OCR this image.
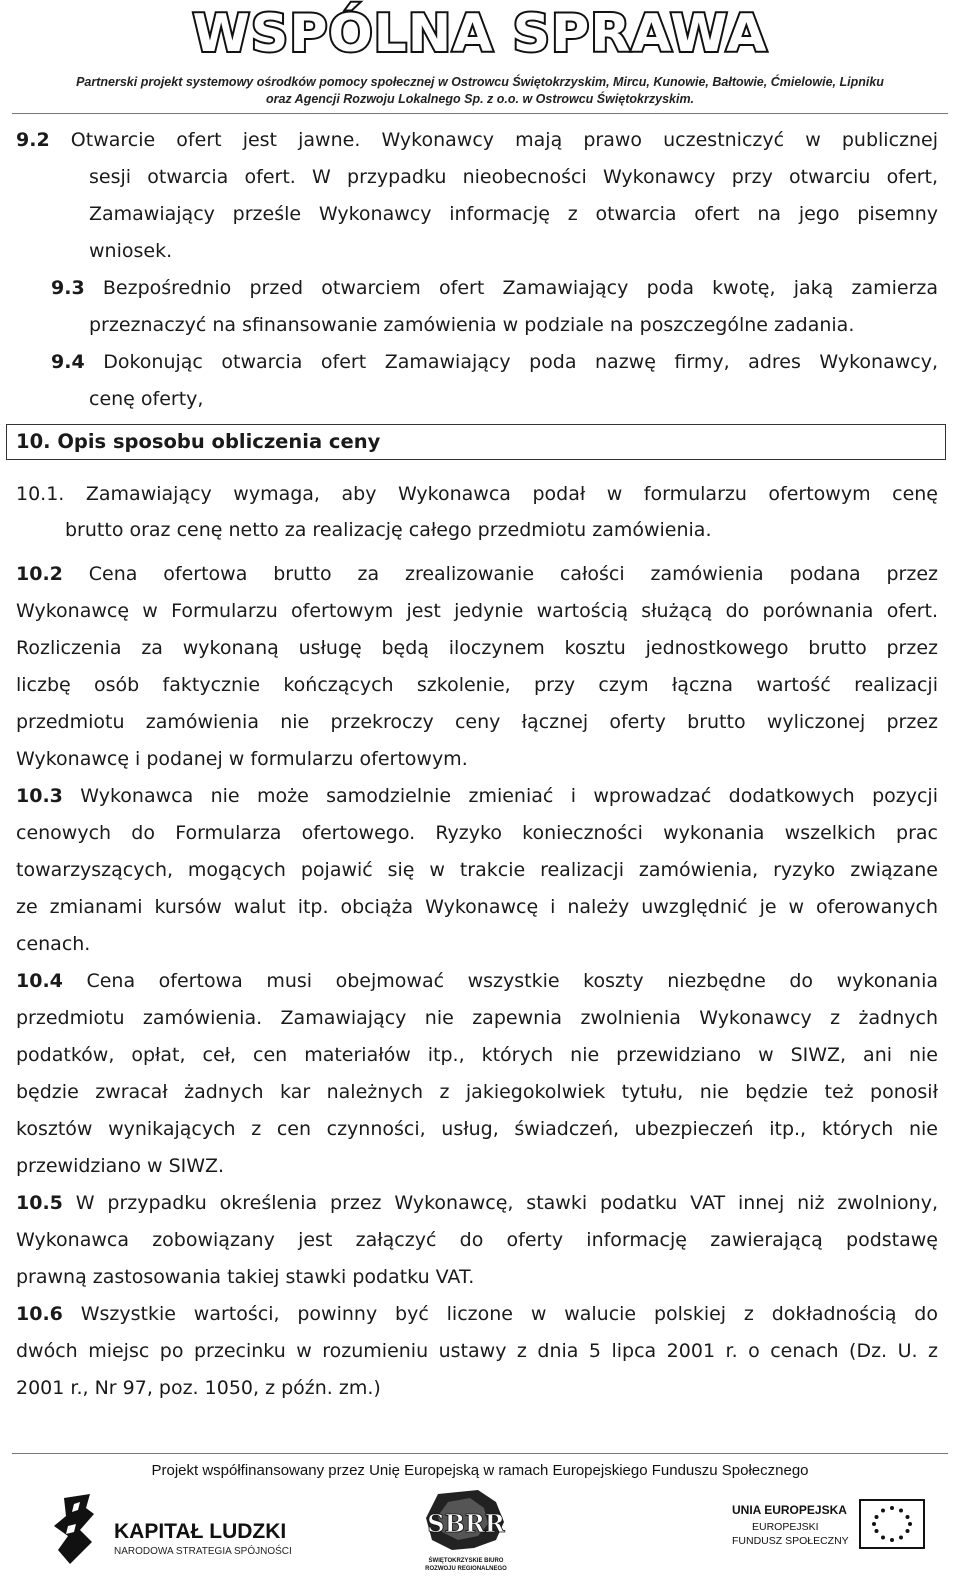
WSPÓLNA SPRAWA
Partnerski projekt systemowy ośrodków pomocy społecznej w Ostrowcu Świętokrzyskim, Mircu, Kunowie, Bałtowie, Ćmielowie, Lipniku
oraz Agencji Rozwoju Lokalnego Sp. z o.o. w Ostrowcu Świętokrzyskim.
9.2 Otwarcie ofert jest jawne. Wykonawcy mają prawo uczestniczyć w publicznej
sesji otwarcia ofert. W przypadku nieobecności Wykonawcy przy otwarciu ofert,
Zamawiający prześle Wykonawcy informację z otwarcia ofert na jego pisemny
wniosek.
9.3 Bezpośrednio przed otwarciem ofert Zamawiający poda kwotę, jaką zamierza
przeznaczyć na sfinansowanie zamówienia w podziale na poszczególne zadania.
9.4 Dokonując otwarcia ofert Zamawiający poda nazwę firmy, adres Wykonawcy,
cenę oferty,
10. Opis sposobu obliczenia ceny
10.1. Zamawiający wymaga, aby Wykonawca podał w formularzu ofertowym cenę
brutto oraz cenę netto za realizację całego przedmiotu zamówienia.
10.2 Cena ofertowa brutto za zrealizowanie całości zamówienia podana przez
Wykonawcę w Formularzu ofertowym jest jedynie wartością służącą do porównania ofert.
Rozliczenia za wykonaną usługę będą iloczynem kosztu jednostkowego brutto przez
liczbę osób faktycznie kończących szkolenie, przy czym łączna wartość realizacji
przedmiotu zamówienia nie przekroczy ceny łącznej oferty brutto wyliczonej przez
Wykonawcę i podanej w formularzu ofertowym.
10.3 Wykonawca nie może samodzielnie zmieniać i wprowadzać dodatkowych pozycji
cenowych do Formularza ofertowego. Ryzyko konieczności wykonania wszelkich prac
towarzyszących, mogących pojawić się w trakcie realizacji zamówienia, ryzyko związane
ze zmianami kursów walut itp. obciąża Wykonawcę i należy uwzględnić je w oferowanych
cenach.
10.4 Cena ofertowa musi obejmować wszystkie koszty niezbędne do wykonania
przedmiotu zamówienia. Zamawiający nie zapewnia zwolnienia Wykonawcy z żadnych
podatków, opłat, ceł, cen materiałów itp., których nie przewidziano w SIWZ, ani nie
będzie zwracał żadnych kar należnych z jakiegokolwiek tytułu, nie będzie też ponosił
kosztów wynikających z cen czynności, usług, świadczeń, ubezpieczeń itp., których nie
przewidziano w SIWZ.
10.5 W przypadku określenia przez Wykonawcę, stawki podatku VAT innej niż zwolniony,
Wykonawca zobowiązany jest załączyć do oferty informację zawierającą podstawę
prawną zastosowania takiej stawki podatku VAT.
10.6 Wszystkie wartości, powinny być liczone w walucie polskiej z dokładnością do
dwóch miejsc po przecinku w rozumieniu ustawy z dnia 5 lipca 2001 r. o cenach (Dz. U. z
2001 r., Nr 97, poz. 1050, z późn. zm.)
Projekt współfinansowany przez Unię Europejską w ramach Europejskiego Funduszu Społecznego
KAPITAŁ LUDZKI
NARODOWA STRATEGIA SPÓJNOŚCI
SBRR
ŚWIĘTOKRZYSKIE BIURO
ROZWOJU REGIONALNEGO
UNIA EUROPEJSKA
EUROPEJSKI
FUNDUSZ SPOŁECZNY
